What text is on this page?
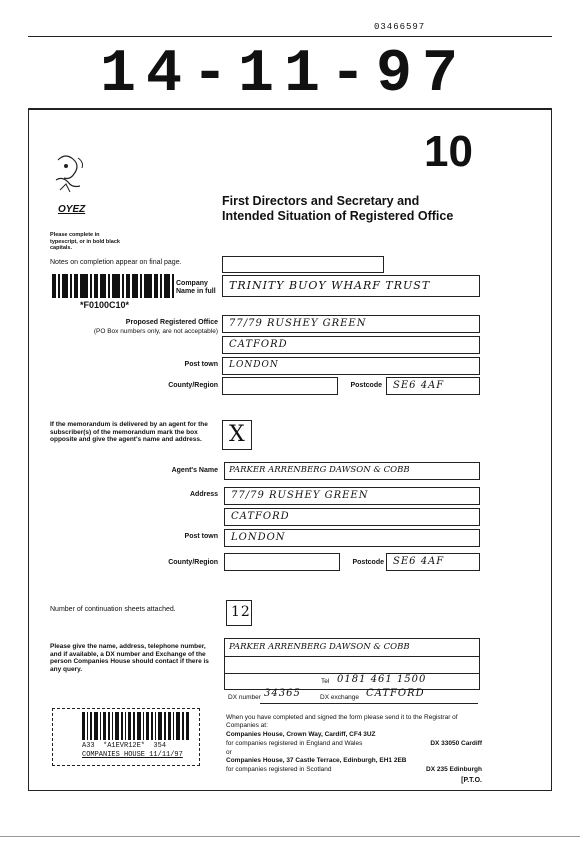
03466597
14-11-97
10
OYEZ
First Directors and Secretary and Intended Situation of Registered Office
Please complete in typescript, or in bold black capitals.
Notes on completion appear on final page.
*F0100C10*
Company Name in full TRINITY BUOY WHARF TRUST
Proposed Registered Office
(PO Box numbers only, are not acceptable)
77/79 RUSHEY GREEN
CATFORD
Post town LONDON
County/Region	Postcode SE6 4AF
If the memorandum is delivered by an agent for the subscriber(s) of the memorandum mark the box opposite and give the agent's name and address.	X
Agent's Name PARKER ARRENBERG DAWSON & COBB
Address 77/79 RUSHEY GREEN
CATFORD
Post town LONDON
County/Region	Postcode SE6 4AF
Number of continuation sheets attached.	12
Please give the name, address, telephone number, and if available, a DX number and Exchange of the person Companies House should contact if there is any query.
PARKER ARRENBERG DAWSON & COBB
Tel 0181 461 1500
DX number 34365	DX exchange CATFORD
A33  *A1EVR12E*  354
COMPANIES HOUSE 11/11/97
When you have completed and signed the form please send it to the Registrar of Companies at:
Companies House, Crown Way, Cardiff, CF4 3UZ
for companies registered in England and Wales	DX 33050 Cardiff
or
Companies House, 37 Castle Terrace, Edinburgh, EH1 2EB
for companies registered in Scotland	DX 235 Edinburgh
[P.T.O.
